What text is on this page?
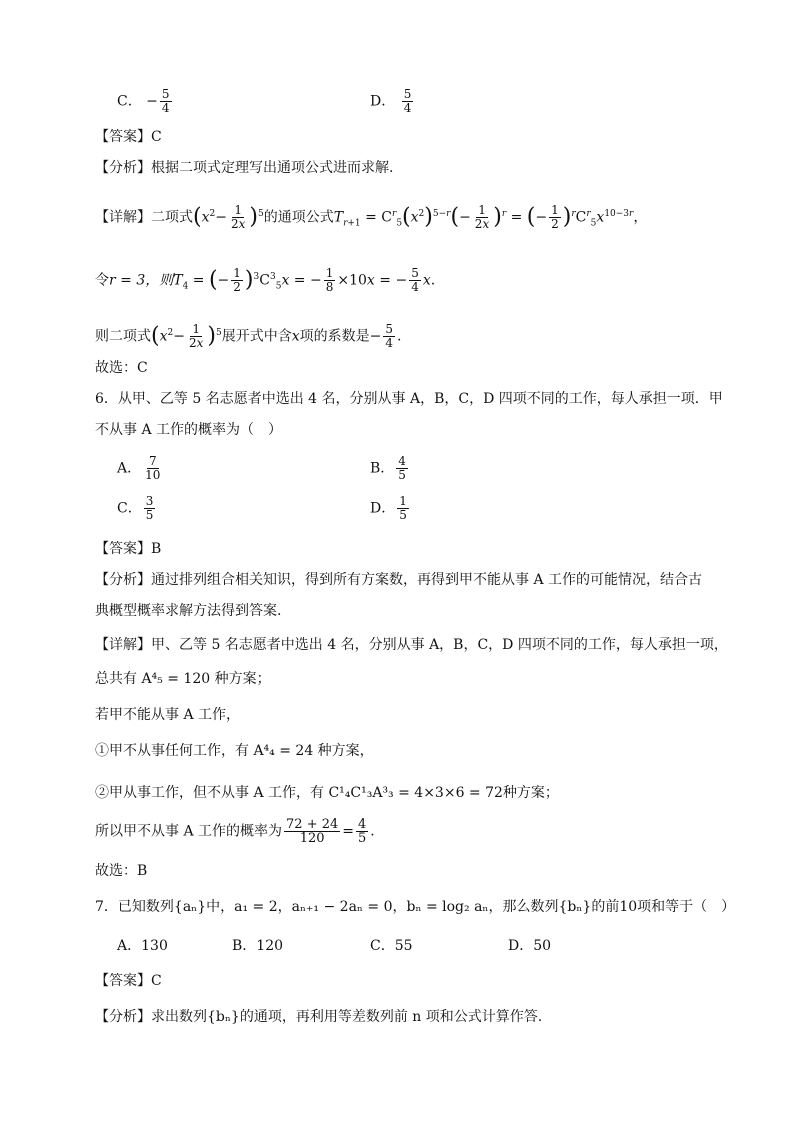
C． − $\frac{5}{4}$	D． $\frac{5}{4}$
【答案】C
【分析】根据二项式定理写出通项公式进而求解.
【详解】二项式$(x^2- \frac{1}{2x} )^5$的通项公式$T_{r+1} = C^r_5(x^2)^{5-r}(- \frac{1}{2x} )^r$ = (− $\frac{1}{2} )^rC^r_5x^{10-3r}$，
令r = 3，则$T_4$ = (− $\frac{1}{2} )^3C^3_5x$ = − $\frac{1}{8} \times 10x$ = − $\frac{5}{4} x$.
则二项式$(x^2- \frac{1}{2x} )^5$展开式中含x项的系数是− $\frac{5}{4}$ .
故选：C
6．从甲、乙等 5 名志愿者中选出 4 名，分别从事 A，B，C，D 四项不同的工作，每人承担一项．甲
不从事 A 工作的概率为（　）
A． $\frac{7}{10}$	B． $\frac{4}{5}$
C． $\frac{3}{5}$	D． $\frac{1}{5}$
【答案】B
【分析】通过排列组合相关知识，得到所有方案数，再得到甲不能从事 A 工作的可能情况，结合古
典概型概率求解方法得到答案.
【详解】甲、乙等 5 名志愿者中选出 4 名，分别从事 A，B，C，D 四项不同的工作，每人承担一项，
总共有 A⁴₅ = 120 种方案；
若甲不能从事 A 工作，
①甲不从事任何工作，有 A⁴₄ = 24 种方案，
②甲从事工作，但不从事 A 工作，有 C¹₄C¹₃A³₃ = 4×3×6 = 72种方案；
所以甲不从事 A 工作的概率为 $\frac{72 + 24}{120} = \frac{4}{5}$ .
故选：B
7．已知数列{aₙ}中，a₁ = 2，aₙ₊₁ − 2aₙ = 0，bₙ = log₂ aₙ，那么数列{bₙ}的前10项和等于（　）
A．130	B．120	C．55	D．50
【答案】C
【分析】求出数列{bₙ}的通项，再利用等差数列前 n 项和公式计算作答.
